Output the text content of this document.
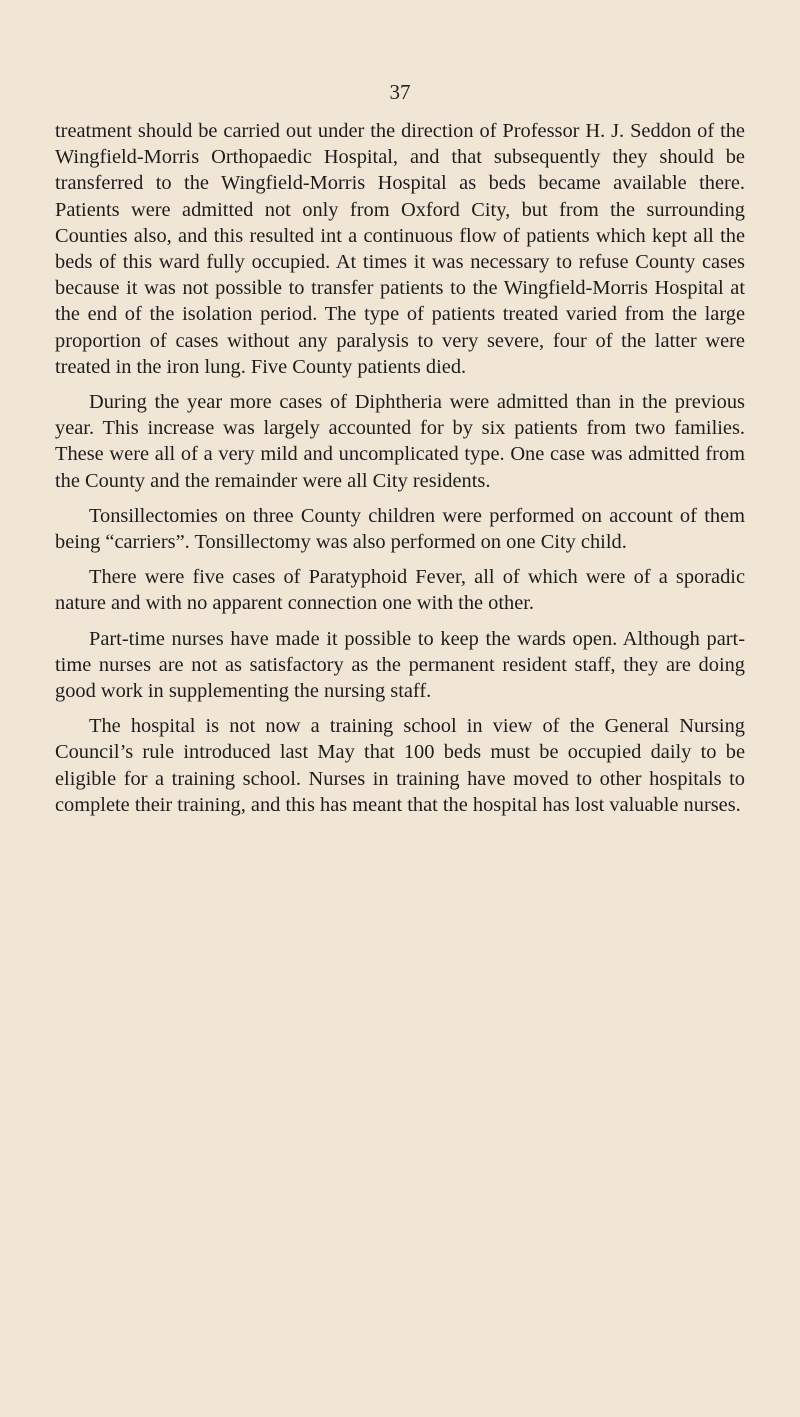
37

treatment should be carried out under the direction of Professor H. J. Seddon of the Wingfield-Morris Orthopaedic Hospital, and that subsequently they should be transferred to the Wingfield-Morris Hospital as beds became available there. Patients were admitted not only from Oxford City, but from the surrounding Counties also, and this resulted int a continuous flow of patients which kept all the beds of this ward fully occupied. At times it was necessary to refuse County cases because it was not possible to transfer patients to the Wingfield-Morris Hospital at the end of the isolation period. The type of patients treated varied from the large proportion of cases without any paralysis to very severe, four of the latter were treated in the iron lung. Five County patients died.

During the year more cases of Diphtheria were admitted than in the previous year. This increase was largely accounted for by six patients from two families. These were all of a very mild and uncomplicated type. One case was admitted from the County and the remainder were all City residents.

Tonsillectomies on three County children were performed on account of them being “carriers”. Tonsillectomy was also performed on one City child.

There were five cases of Paratyphoid Fever, all of which were of a sporadic nature and with no apparent connection one with the other.

Part-time nurses have made it possible to keep the wards open. Although part-time nurses are not as satisfactory as the permanent resident staff, they are doing good work in supplementing the nursing staff.

The hospital is not now a training school in view of the General Nursing Council’s rule introduced last May that 100 beds must be occupied daily to be eligible for a training school. Nurses in training have moved to other hospitals to complete their training, and this has meant that the hospital has lost valuable nurses.
